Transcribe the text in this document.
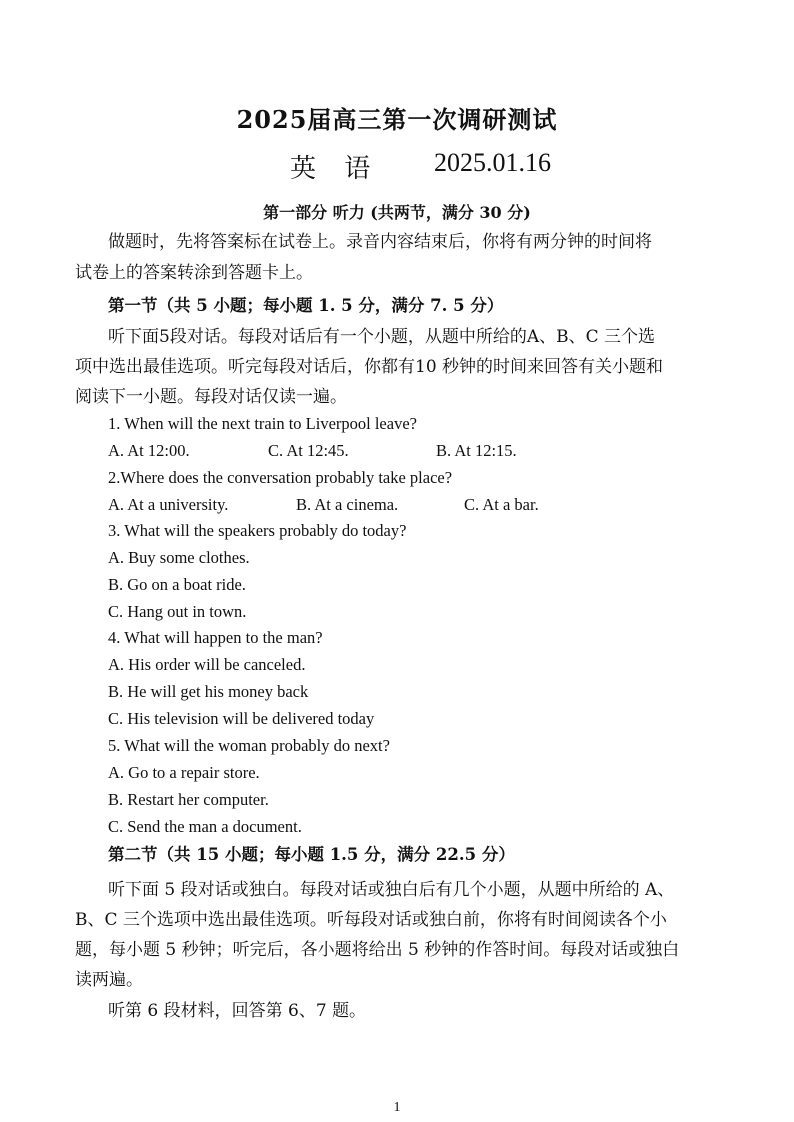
2025届高三第一次调研测试
英 语 2025.01.16
第一部分 听力 (共两节，满分 30 分)
做题时，先将答案标在试卷上。录音内容结束后，你将有两分钟的时间将
试卷上的答案转涂到答题卡上。
第一节（共 5 小题；每小题 1. 5 分，满分 7. 5 分）
听下面5段对话。每段对话后有一个小题，从题中所给的A、B、C 三个选
项中选出最佳选项。听完每段对话后，你都有10 秒钟的时间来回答有关小题和
阅读下一小题。每段对话仅读一遍。
1. When will the next train to Liverpool leave?
A. At 12:00.	C. At 12:45.	B. At 12:15.
2.Where does the conversation probably take place?
A. At a university.	B. At a cinema.	C. At a bar.
3. What will the speakers probably do today?
A. Buy some clothes.
B. Go on a boat ride.
C. Hang out in town.
4. What will happen to the man?
A. His order will be canceled.
B. He will get his money back
C. His television will be delivered today
5. What will the woman probably do next?
A. Go to a repair store.
B. Restart her computer.
C. Send the man a document.
第二节（共 15 小题；每小题 1.5 分，满分 22.5 分）
听下面 5 段对话或独白。每段对话或独白后有几个小题，从题中所给的 A、
B、C 三个选项中选出最佳选项。听每段对话或独白前，你将有时间阅读各个小
题，每小题 5 秒钟；听完后，各小题将给出 5 秒钟的作答时间。每段对话或独白
读两遍。
听第 6 段材料，回答第 6、7 题。
1
